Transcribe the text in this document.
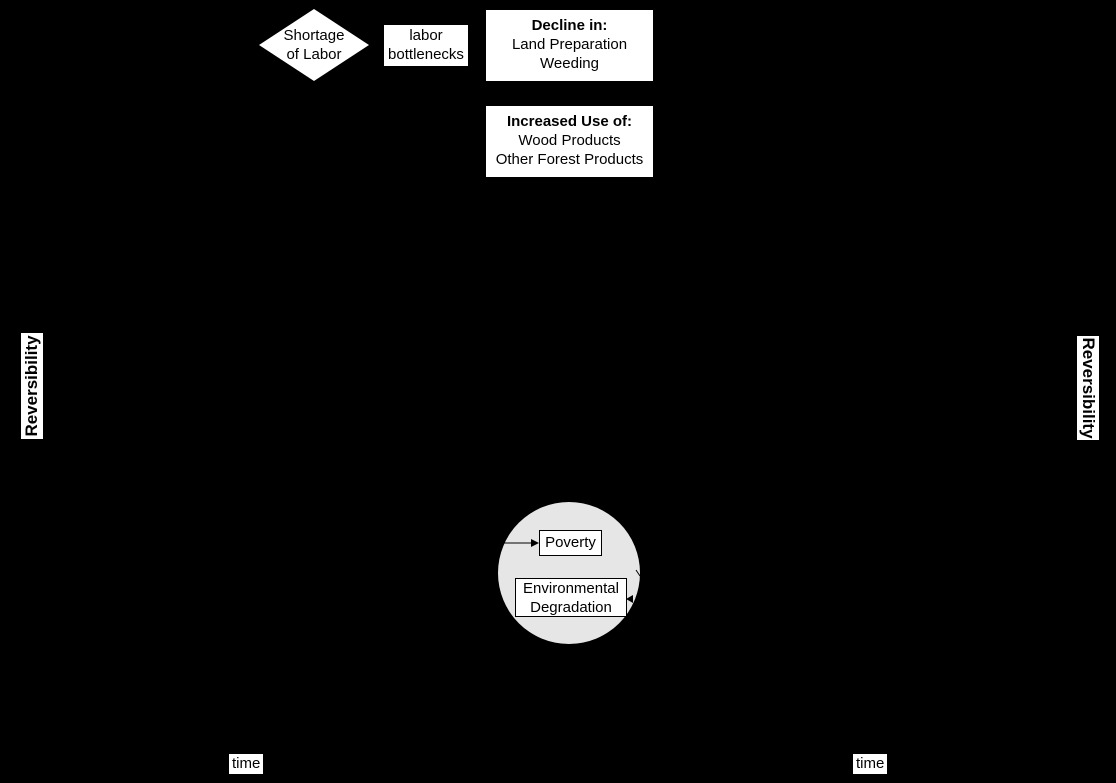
Shortage
of Labor
labor
bottlenecks
Decline in:
Land Preparation
Weeding
Increased Use of:
Wood Products
Other Forest Products
Reversibility	Reversibility
time	time
Poverty
Environmental
Degradation
